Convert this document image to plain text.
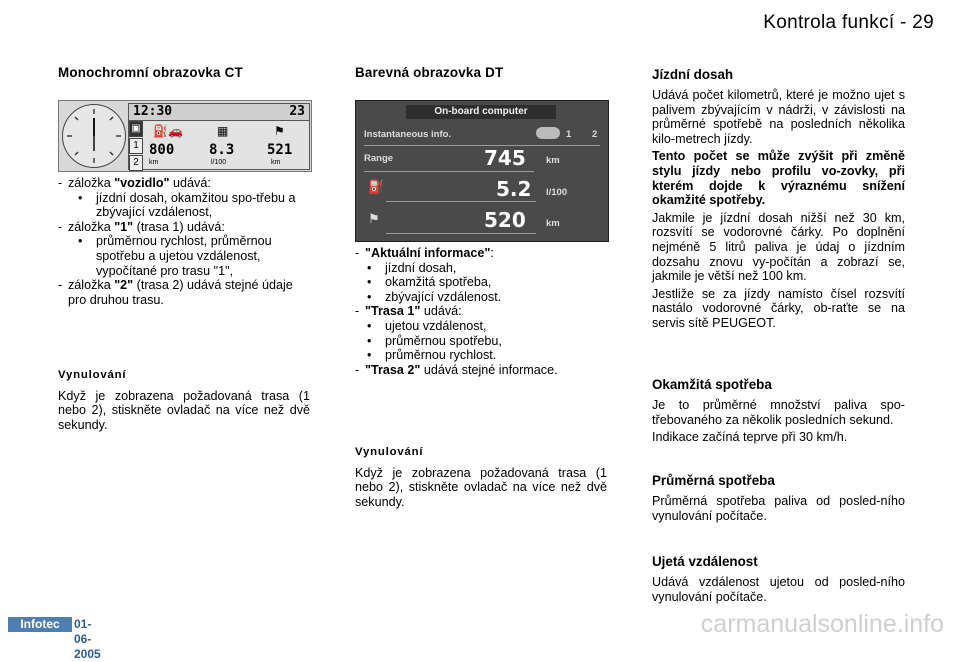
Kontrola funkcí - 29
Monochromní obrazovka CT
12:30	23
▣
1
2
⛽🚗	▦	⚑
800 8.3 521
km	l/100	km
- záložka "vozidlo" udává:
• jízdní dosah, okamžitou spo-třebu a zbývající vzdálenost,
- záložka "1" (trasa 1) udává:
• průměrnou rychlost, průměrnou spotřebu a ujetou vzdálenost, vypočítané pro trasu "1",
- záložka "2" (trasa 2) udává stejné údaje pro druhou trasu.
Vynulování

Když je zobrazena požadovaná trasa (1 nebo 2), stiskněte ovladač na více než dvě sekundy.

Barevná obrazovka DT
On-board computer
Instantaneous info.	1 2
Range	745 km
⛽	5.2 l/100
⚑	520 km
- "Aktuální informace":
• jízdní dosah,
• okamžitá spotřeba,
• zbývající vzdálenost.
- "Trasa 1" udává:
• ujetou vzdálenost,
• průměrnou spotřebu,
• průměrnou rychlost.
- "Trasa 2" udává stejné informace.
Vynulování

Když je zobrazena požadovaná trasa (1 nebo 2), stiskněte ovladač na více než dvě sekundy.

Jízdní dosah

Udává počet kilometrů, které je možno ujet s palivem zbývajícím v nádrži, v závislosti na průměrné spotřebě na posledních několika kilo-metrech jízdy.

Tento počet se může zvýšit při změně stylu jízdy nebo profilu vo-zovky, při kterém dojde k výraznému snížení okamžité spotřeby.

Jakmile je jízdní dosah nižší než 30 km, rozsvítí se vodorovné čárky. Po doplnění nejméně 5 litrů paliva je údaj o jízdním dozsahu znovu vy-počítán a zobrazí se, jakmile je větší než 100 km.

Jestliže se za jízdy namísto čísel rozsvítí nastálo vodorovné čárky, ob-raťte se na servis sítě PEUGEOT.

Okamžitá spotřeba

Je to průměrné množství paliva spo-třebovaného za několik posledních sekund.

Indikace začíná teprve při 30 km/h.

Průměrná spotřeba

Průměrná spotřeba paliva od posled-ního vynulování počítače.

Ujetá vzdálenost

Udává vzdálenost ujetou od posled-ního vynulování počítače.

Infotec	01-06-2005
carmanualsonline.info
